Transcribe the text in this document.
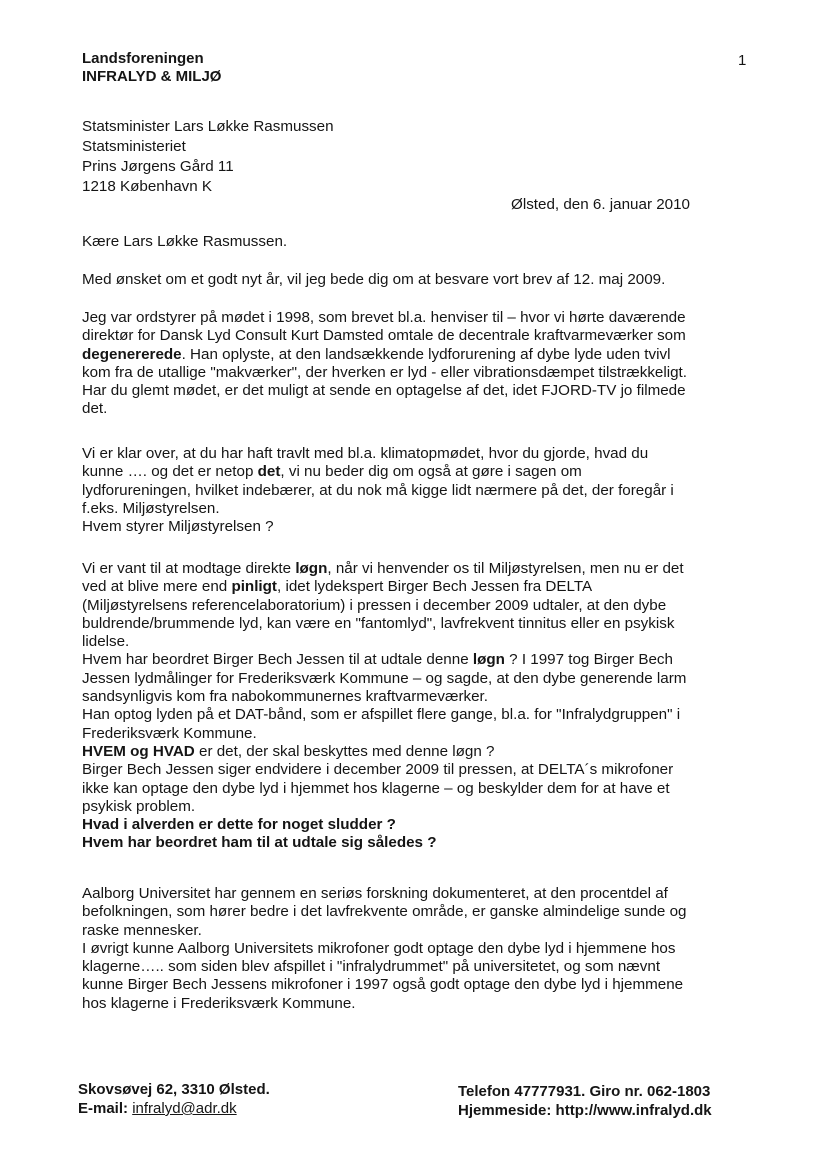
Landsforeningen
INFRALYD & MILJØ
1
Statsminister Lars Løkke Rasmussen
Statsministeriet
Prins Jørgens Gård 11
1218 København K
Ølsted, den 6. januar 2010

Kære Lars Løkke Rasmussen.

Med ønsket om et godt nyt år, vil jeg bede dig om at besvare vort brev af 12. maj 2009.

Jeg var ordstyrer på mødet i 1998, som brevet bl.a. henviser til – hvor vi hørte daværende

direktør for Dansk Lyd Consult Kurt Damsted omtale de decentrale kraftvarmeværker som

degenererede. Han oplyste, at den landsækkende lydforurening af dybe lyde uden tvivl

kom fra de utallige "makværker", der hverken er lyd - eller vibrationsdæmpet tilstrækkeligt.

Har du glemt mødet, er det muligt at sende en optagelse af det, idet FJORD-TV jo filmede

det.

Vi er klar over, at du har haft travlt med bl.a. klimatopmødet, hvor du gjorde, hvad du

kunne …. og det er netop det, vi nu beder dig om også at gøre i sagen om

lydforureningen, hvilket indebærer, at du nok må kigge lidt nærmere på det, der foregår i

f.eks. Miljøstyrelsen.

Hvem styrer Miljøstyrelsen ?

Vi er vant til at modtage direkte løgn, når vi henvender os til Miljøstyrelsen, men nu er det

ved at blive mere end pinligt, idet lydekspert Birger Bech Jessen fra DELTA

(Miljøstyrelsens referencelaboratorium) i pressen i december 2009 udtaler, at den dybe

buldrende/brummende lyd, kan være en "fantomlyd", lavfrekvent tinnitus eller en psykisk

lidelse.

Hvem har beordret Birger Bech Jessen til at udtale denne løgn ? I 1997 tog Birger Bech

Jessen lydmålinger for Frederiksværk Kommune – og sagde, at den dybe generende larm

sandsynligvis kom fra nabokommunernes kraftvarmeværker.

Han optog lyden på et DAT-bånd, som er afspillet flere gange, bl.a. for "Infralydgruppen" i

Frederiksværk Kommune.

HVEM og HVAD er det, der skal beskyttes med denne løgn ?

Birger Bech Jessen siger endvidere i december 2009 til pressen, at DELTA´s mikrofoner

ikke kan optage den dybe lyd i hjemmet hos klagerne – og beskylder dem for at have et

psykisk problem.

Hvad i alverden er dette for noget sludder ?

Hvem har beordret ham til at udtale sig således ?

Aalborg Universitet har gennem en seriøs forskning dokumenteret, at den procentdel af

befolkningen, som hører bedre i det lavfrekvente område, er ganske almindelige sunde og

raske mennesker.

I øvrigt kunne Aalborg Universitets mikrofoner godt optage den dybe lyd i hjemmene hos

klagerne….. som siden blev afspillet i "infralydrummet" på universitetet, og som nævnt

kunne Birger Bech Jessens mikrofoner i 1997 også godt optage den dybe lyd i hjemmene

hos klagerne i Frederiksværk Kommune.

Skovsøvej 62, 3310 Ølsted.
E-mail: infralyd@adr.dk
Telefon 47777931. Giro nr. 062-1803
Hjemmeside: http://www.infralyd.dk
